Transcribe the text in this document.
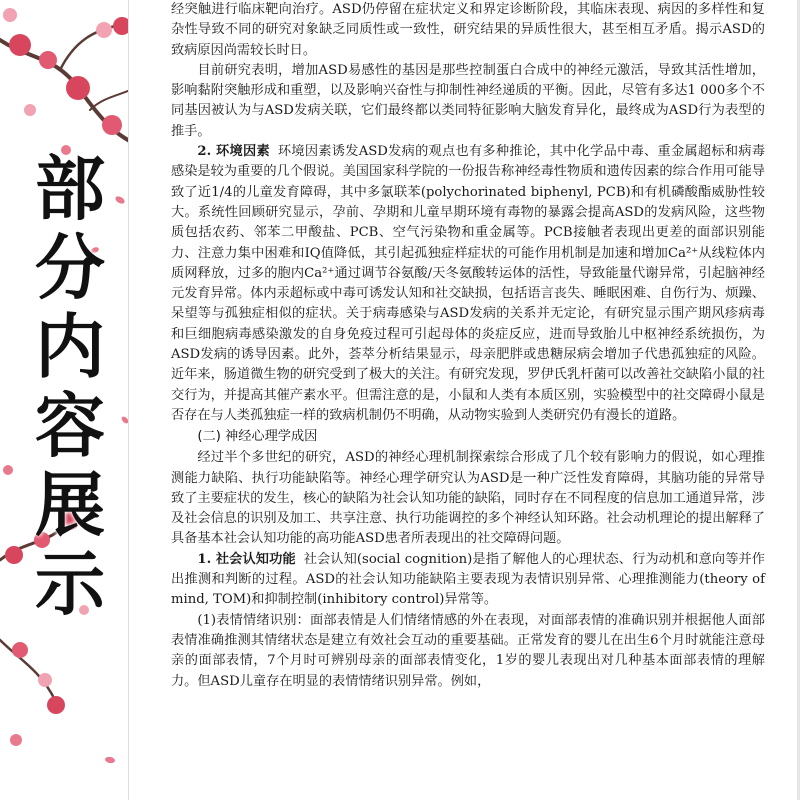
部
分
内
容
展
示

经突触进行临床靶向治疗。ASD仍停留在症状定义和界定诊断阶段，其临床表现、病因的多样性和复杂性导致不同的研究对象缺乏同质性或一致性，研究结果的异质性很大，甚至相互矛盾。揭示ASD的致病原因尚需较长时日。

目前研究表明，增加ASD易感性的基因是那些控制蛋白合成中的神经元激活，导致其活性增加，影响黏附突触形成和重塑，以及影响兴奋性与抑制性神经递质的平衡。因此，尽管有多达1 000多个不同基因被认为与ASD发病关联，它们最终都以类同特征影响大脑发育异化，最终成为ASD行为表型的推手。

2. 环境因素 环境因素诱发ASD发病的观点也有多种推论，其中化学品中毒、重金属超标和病毒感染是较为重要的几个假说。美国国家科学院的一份报告称神经毒性物质和遗传因素的综合作用可能导致了近1/4的儿童发育障碍，其中多氯联苯(polychorinated biphenyl, PCB)和有机磷酸酯威胁性较大。系统性回顾研究显示，孕前、孕期和儿童早期环境有毒物的暴露会提高ASD的发病风险，这些物质包括农药、邻苯二甲酸盐、PCB、空气污染物和重金属等。PCB接触者表现出更差的面部识别能力、注意力集中困难和IQ值降低，其引起孤独症样症状的可能作用机制是加速和增加Ca²⁺从线粒体内质网释放，过多的胞内Ca²⁺通过调节谷氨酸/天冬氨酸转运体的活性，导致能量代谢异常，引起脑神经元发育异常。体内汞超标或中毒可诱发认知和社交缺损，包括语言丧失、睡眠困难、自伤行为、烦躁、呆望等与孤独症相似的症状。关于病毒感染与ASD发病的关系并无定论，有研究显示围产期风疹病毒和巨细胞病毒感染激发的自身免疫过程可引起母体的炎症反应，进而导致胎儿中枢神经系统损伤，为ASD发病的诱导因素。此外，荟萃分析结果显示，母亲肥胖或患糖尿病会增加子代患孤独症的风险。近年来，肠道微生物的研究受到了极大的关注。有研究发现，罗伊氏乳杆菌可以改善社交缺陷小鼠的社交行为，并提高其催产素水平。但需注意的是，小鼠和人类有本质区别，实验模型中的社交障碍小鼠是否存在与人类孤独症一样的致病机制仍不明确，从动物实验到人类研究仍有漫长的道路。

(二) 神经心理学成因

经过半个多世纪的研究，ASD的神经心理机制探索综合形成了几个较有影响力的假说，如心理推测能力缺陷、执行功能缺陷等。神经心理学研究认为ASD是一种广泛性发育障碍，其脑功能的异常导致了主要症状的发生，核心的缺陷为社会认知功能的缺陷，同时存在不同程度的信息加工通道异常，涉及社会信息的识别及加工、共享注意、执行功能调控的多个神经认知环路。社会动机理论的提出解释了具备基本社会认知功能的高功能ASD患者所表现出的社交障碍问题。

1. 社会认知功能 社会认知(social cognition)是指了解他人的心理状态、行为动机和意向等并作出推测和判断的过程。ASD的社会认知功能缺陷主要表现为表情识别异常、心理推测能力(theory of mind, TOM)和抑制控制(inhibitory control)异常等。

(1)表情情绪识别：面部表情是人们情绪情感的外在表现，对面部表情的准确识别并根据他人面部表情准确推测其情绪状态是建立有效社会互动的重要基础。正常发育的婴儿在出生6个月时就能注意母亲的面部表情，7个月时可辨别母亲的面部表情变化，1岁的婴儿表现出对几种基本面部表情的理解力。但ASD儿童存在明显的表情情绪识别异常。例如，
